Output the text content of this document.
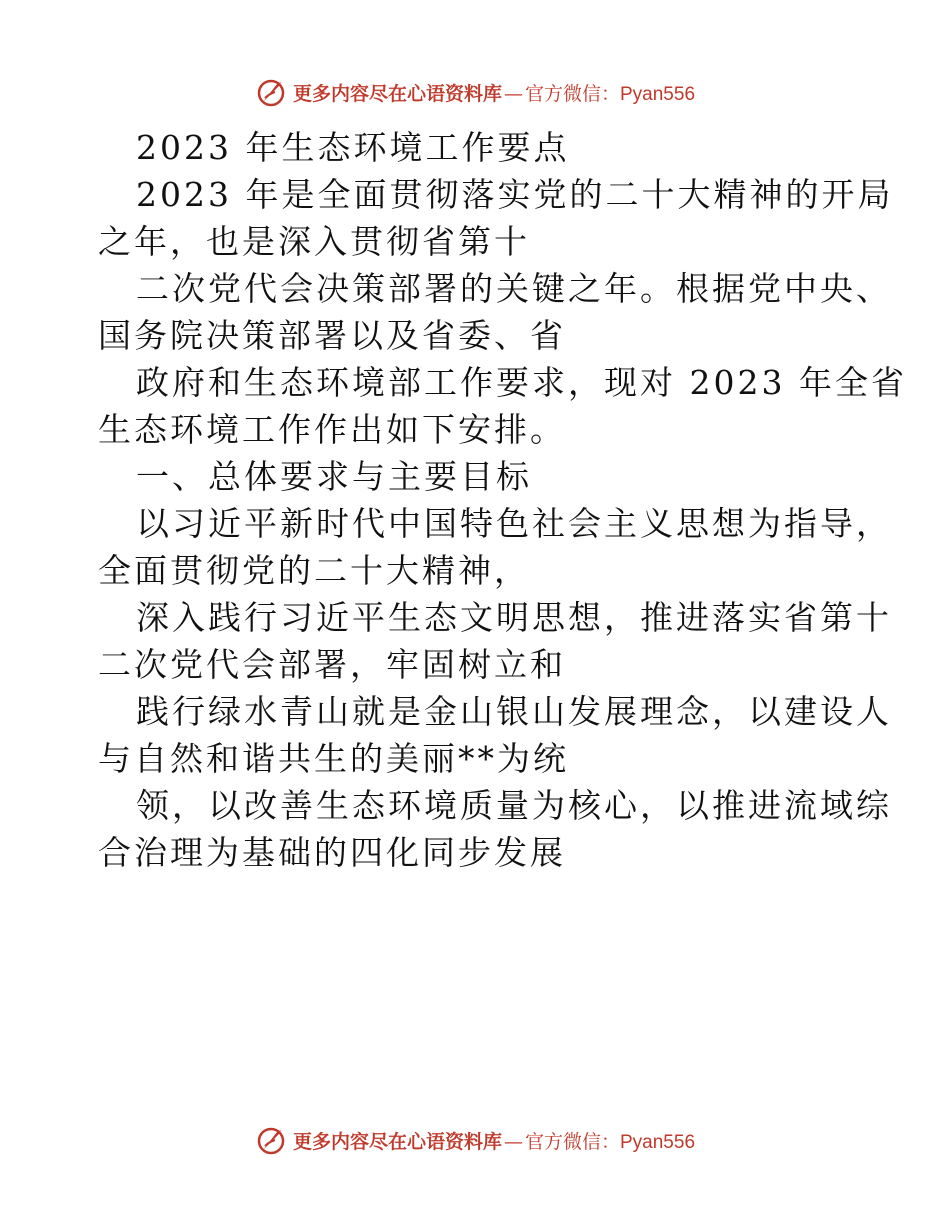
更多内容尽在心语资料库 — 官方微信： Pyan556
2023 年生态环境工作要点
2023 年是全面贯彻落实党的二十大精神的开局
之年，也是深入贯彻省第十
二次党代会决策部署的关键之年。根据党中央、
国务院决策部署以及省委、省
政府和生态环境部工作要求，现对 2023 年全省
生态环境工作作出如下安排。
一、总体要求与主要目标
以习近平新时代中国特色社会主义思想为指导，
全面贯彻党的二十大精神，
深入践行习近平生态文明思想，推进落实省第十
二次党代会部署，牢固树立和
践行绿水青山就是金山银山发展理念，以建设人
与自然和谐共生的美丽**为统
领，以改善生态环境质量为核心，以推进流域综
合治理为基础的四化同步发展
更多内容尽在心语资料库 — 官方微信： Pyan556
